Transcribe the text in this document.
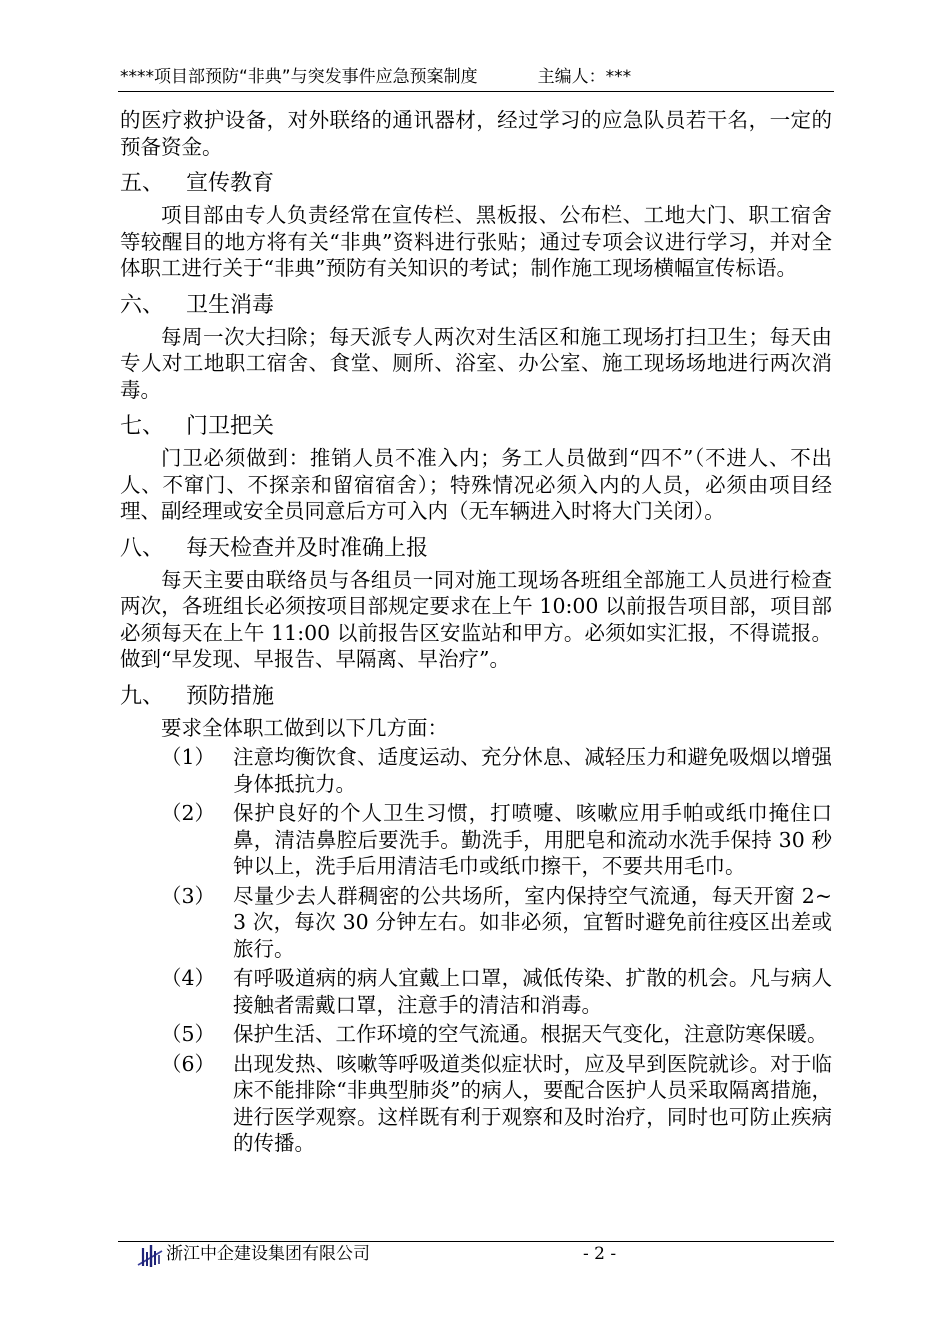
****项目部预防“非典”与突发事件应急预案制度	主编人：***

的医疗救护设备，对外联络的通讯器材，经过学习的应急队员若干名，一定的预备资金。

五、 宣传教育

项目部由专人负责经常在宣传栏、黑板报、公布栏、工地大门、职工宿舍等较醒目的地方将有关“非典”资料进行张贴；通过专项会议进行学习，并对全体职工进行关于“非典”预防有关知识的考试；制作施工现场横幅宣传标语。

六、 卫生消毒

每周一次大扫除；每天派专人两次对生活区和施工现场打扫卫生；每天由专人对工地职工宿舍、食堂、厕所、浴室、办公室、施工现场场地进行两次消毒。

七、 门卫把关

门卫必须做到：推销人员不准入内；务工人员做到“四不”（不进人、不出人、不窜门、不探亲和留宿宿舍）；特殊情况必须入内的人员，必须由项目经理、副经理或安全员同意后方可入内（无车辆进入时将大门关闭）。

八、 每天检查并及时准确上报

每天主要由联络员与各组员一同对施工现场各班组全部施工人员进行检查两次，各班组长必须按项目部规定要求在上午 10:00 以前报告项目部，项目部必须每天在上午 11:00 以前报告区安监站和甲方。必须如实汇报，不得谎报。做到“早发现、早报告、早隔离、早治疗”。

九、 预防措施

要求全体职工做到以下几方面：

（1） 注意均衡饮食、适度运动、充分休息、减轻压力和避免吸烟以增强身体抵抗力。

（2） 保护良好的个人卫生习惯，打喷嚏、咳嗽应用手帕或纸巾掩住口鼻，清洁鼻腔后要洗手。勤洗手，用肥皂和流动水洗手保持 30 秒钟以上，洗手后用清洁毛巾或纸巾擦干，不要共用毛巾。

（3） 尽量少去人群稠密的公共场所，室内保持空气流通，每天开窗 2~3 次，每次 30 分钟左右。如非必须，宜暂时避免前往疫区出差或旅行。

（4） 有呼吸道病的病人宜戴上口罩，减低传染、扩散的机会。凡与病人接触者需戴口罩，注意手的清洁和消毒。

（5） 保护生活、工作环境的空气流通。根据天气变化，注意防寒保暖。

（6） 出现发热、咳嗽等呼吸道类似症状时，应及早到医院就诊。对于临床不能排除“非典型肺炎”的病人，要配合医护人员采取隔离措施，进行医学观察。这样既有利于观察和及时治疗，同时也可防止疾病的传播。

浙江中企建设集团有限公司	- 2 -
